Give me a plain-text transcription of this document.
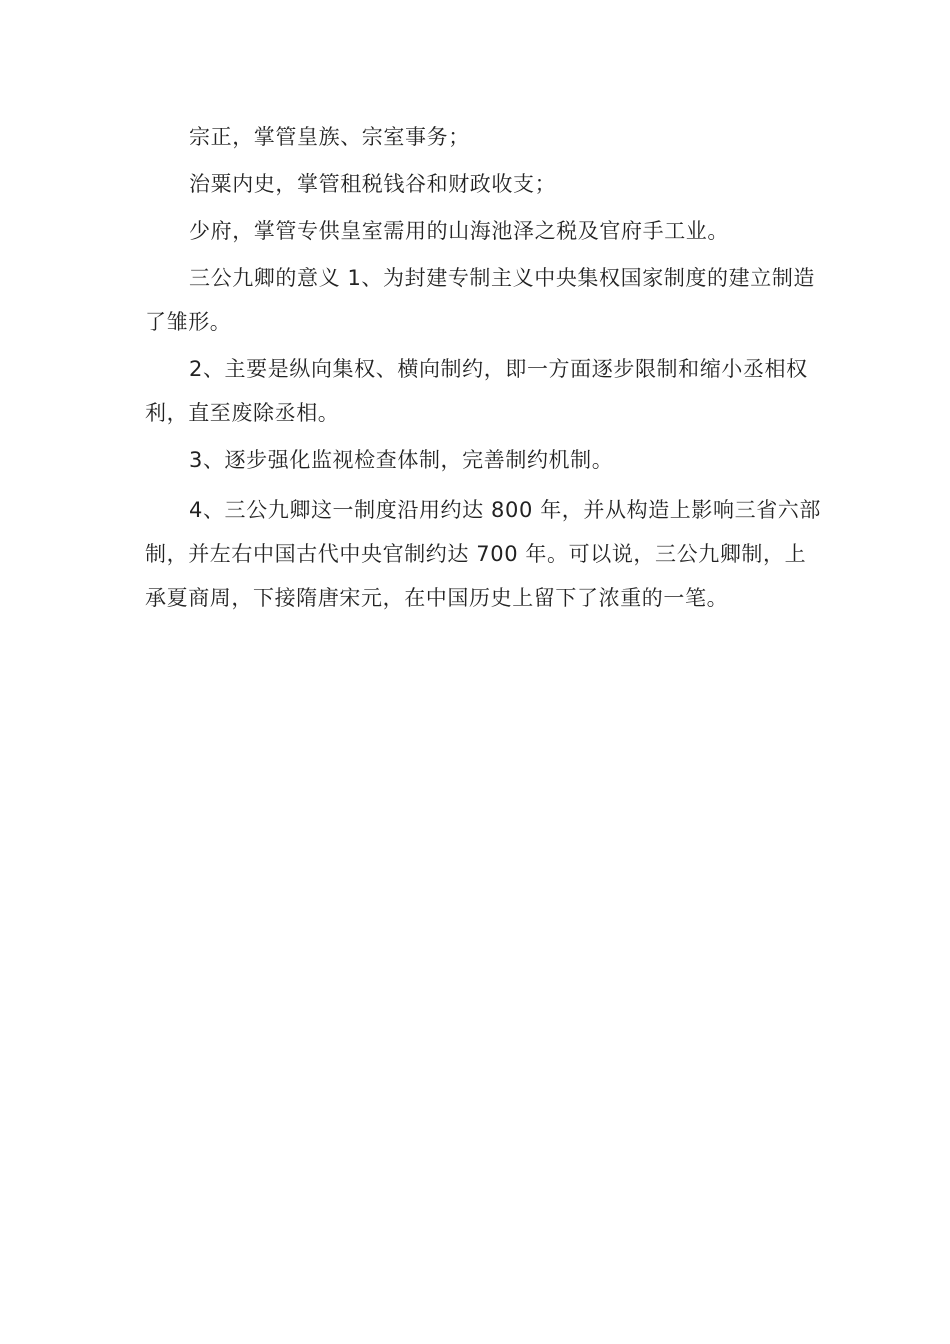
宗正，掌管皇族、宗室事务；

治粟内史，掌管租税钱谷和财政收支；

少府，掌管专供皇室需用的山海池泽之税及官府手工业。

三公九卿的意义 1、为封建专制主义中央集权国家制度的建立制造了雏形。

2、主要是纵向集权、横向制约，即一方面逐步限制和缩小丞相权利，直至废除丞相。

3、逐步强化监视检查体制，完善制约机制。

4、三公九卿这一制度沿用约达 800 年，并从构造上影响三省六部制，并左右中国古代中央官制约达 700 年。可以说，三公九卿制，上承夏商周，下接隋唐宋元，在中国历史上留下了浓重的一笔。
